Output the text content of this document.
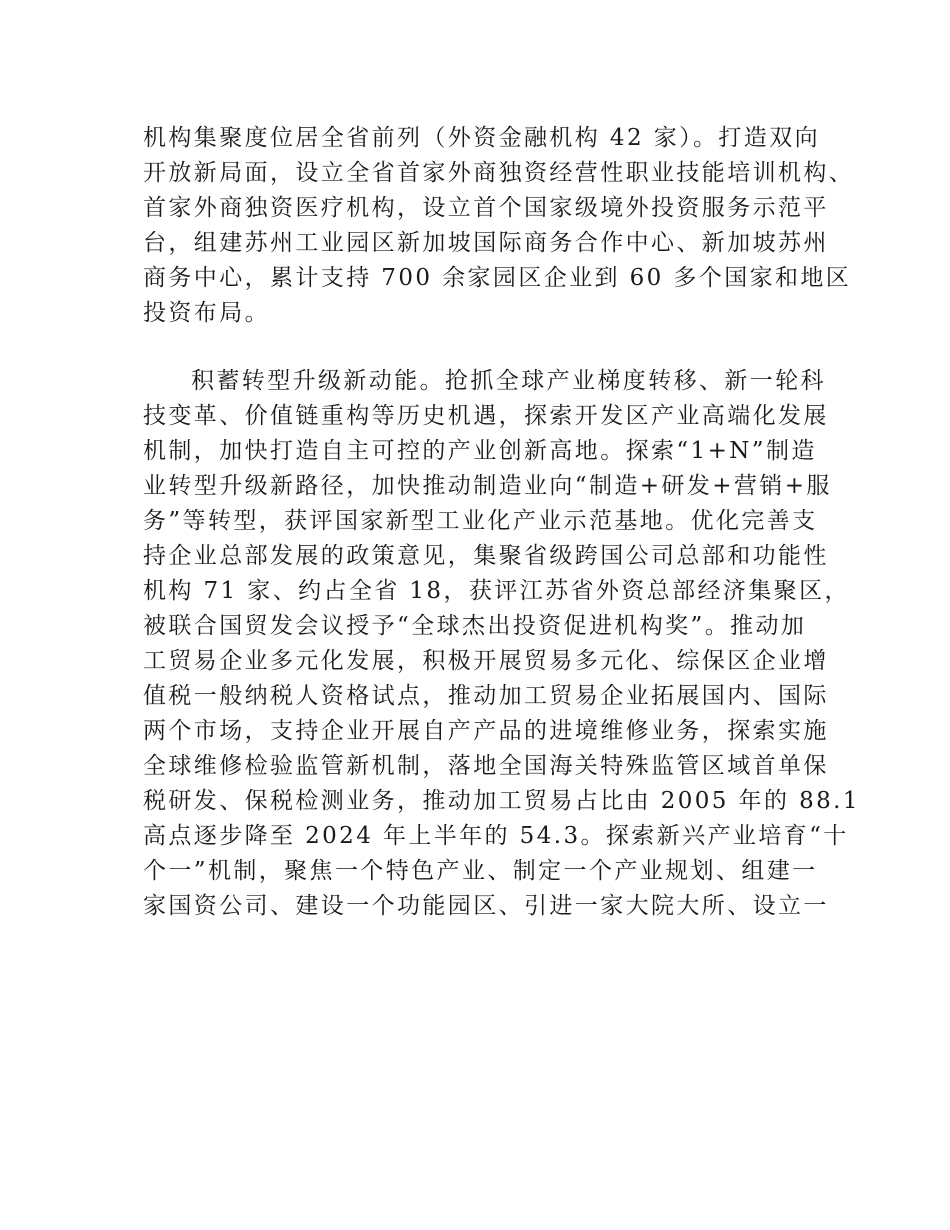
机构集聚度位居全省前列（外资金融机构 42 家）。打造双向
开放新局面，设立全省首家外商独资经营性职业技能培训机构、
首家外商独资医疗机构，设立首个国家级境外投资服务示范平
台，组建苏州工业园区新加坡国际商务合作中心、新加坡苏州
商务中心，累计支持 700 余家园区企业到 60 多个国家和地区
投资布局。
积蓄转型升级新动能。抢抓全球产业梯度转移、新一轮科
技变革、价值链重构等历史机遇，探索开发区产业高端化发展
机制，加快打造自主可控的产业创新高地。探索“1+N”制造
业转型升级新路径，加快推动制造业向“制造+研发+营销+服
务”等转型，获评国家新型工业化产业示范基地。优化完善支
持企业总部发展的政策意见，集聚省级跨国公司总部和功能性
机构 71 家、约占全省 18，获评江苏省外资总部经济集聚区，
被联合国贸发会议授予“全球杰出投资促进机构奖”。推动加
工贸易企业多元化发展，积极开展贸易多元化、综保区企业增
值税一般纳税人资格试点，推动加工贸易企业拓展国内、国际
两个市场，支持企业开展自产产品的进境维修业务，探索实施
全球维修检验监管新机制，落地全国海关特殊监管区域首单保
税研发、保税检测业务，推动加工贸易占比由 2005 年的 88.1
高点逐步降至 2024 年上半年的 54.3。探索新兴产业培育“十
个一”机制，聚焦一个特色产业、制定一个产业规划、组建一
家国资公司、建设一个功能园区、引进一家大院大所、设立一
